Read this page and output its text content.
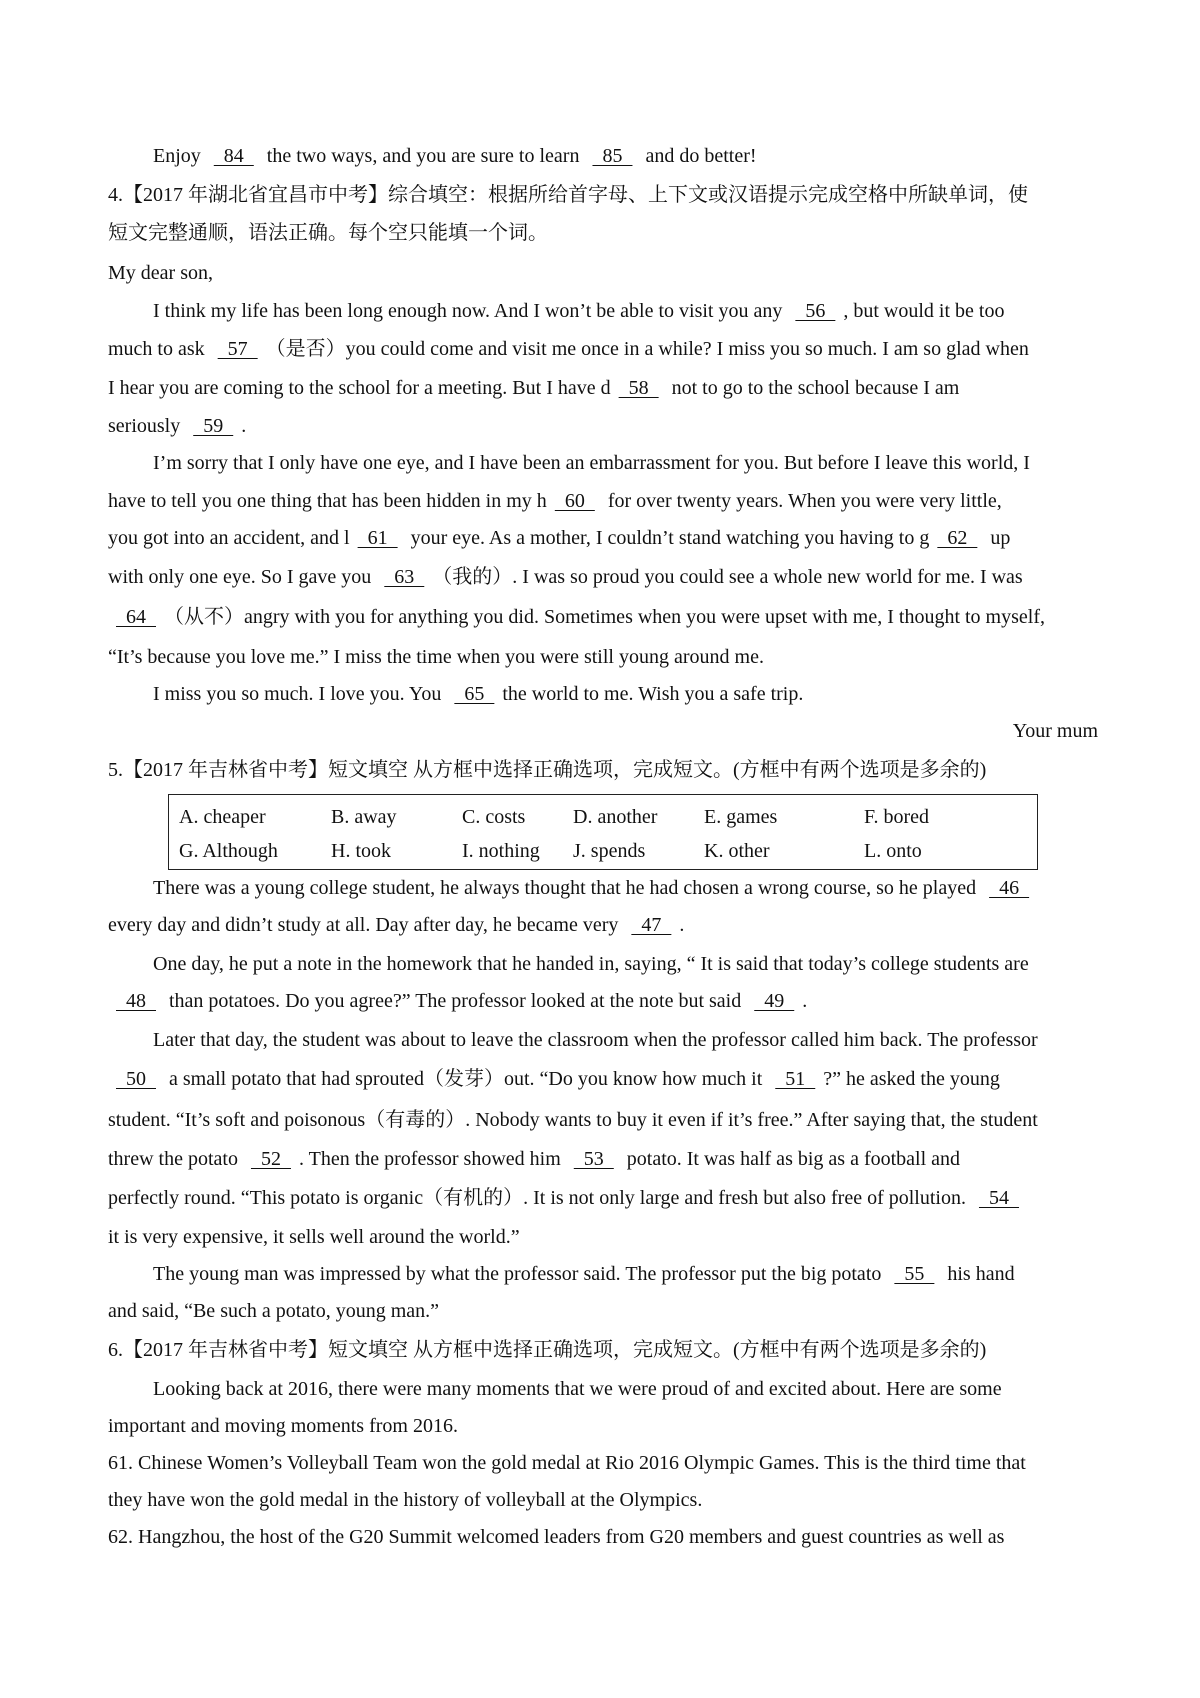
A. cheaper	B. away	C. costs D. another E. games	F. bored
G. Although	H. took	I. nothing J. spends	K. other	L. onto
Enjoy   84   the two ways, and you are sure to learn   85   and do better!
4.【2017 年湖北省宜昌市中考】综合填空：根据所给首字母、上下文或汉语提示完成空格中所缺单词，使
短文完整通顺，语法正确。每个空只能填一个词。
My dear son,
I think my life has been long enough now. And I won’t be able to visit you any   56  , but would it be too
much to ask   57  （是否）you could come and visit me once in a while? I miss you so much. I am so glad when
I hear you are coming to the school for a meeting. But I have d  58   not to go to the school because I am
seriously   59  .
I’m sorry that I only have one eye, and I have been an embarrassment for you. But before I leave this world, I
have to tell you one thing that has been hidden in my h  60   for over twenty years. When you were very little,
you got into an accident, and l  61   your eye. As a mother, I couldn’t stand watching you having to g  62   up
with only one eye. So I gave you   63  （我的）. I was so proud you could see a whole new world for me. I was
64  （从不）angry with you for anything you did. Sometimes when you were upset with me, I thought to myself,
“It’s because you love me.” I miss the time when you were still young around me.
I miss you so much. I love you. You   65  the world to me. Wish you a safe trip.
Your mum
5.【2017 年吉林省中考】短文填空 从方框中选择正确选项，完成短文。(方框中有两个选项是多余的)
There was a young college student, he always thought that he had chosen a wrong course, so he played   46
every day and didn’t study at all. Day after day, he became very   47  .
One day, he put a note in the homework that he handed in, saying, “ It is said that today’s college students are
48   than potatoes. Do you agree?” The professor looked at the note but said   49  .
Later that day, the student was about to leave the classroom when the professor called him back. The professor
50   a small potato that had sprouted（发芽）out. “Do you know how much it   51  ?” he asked the young
student. “It’s soft and poisonous（有毒的）. Nobody wants to buy it even if it’s free.” After saying that, the student
threw the potato   52  . Then the professor showed him   53   potato. It was half as big as a football and
perfectly round. “This potato is organic（有机的）. It is not only large and fresh but also free of pollution.   54
it is very expensive, it sells well around the world.”
The young man was impressed by what the professor said. The professor put the big potato   55   his hand
and said, “Be such a potato, young man.”
6.【2017 年吉林省中考】短文填空 从方框中选择正确选项，完成短文。(方框中有两个选项是多余的)
Looking back at 2016, there were many moments that we were proud of and excited about. Here are some
important and moving moments from 2016.
61. Chinese Women’s Volleyball Team won the gold medal at Rio 2016 Olympic Games. This is the third time that
they have won the gold medal in the history of volleyball at the Olympics.
62. Hangzhou, the host of the G20 Summit welcomed leaders from G20 members and guest countries as well as
